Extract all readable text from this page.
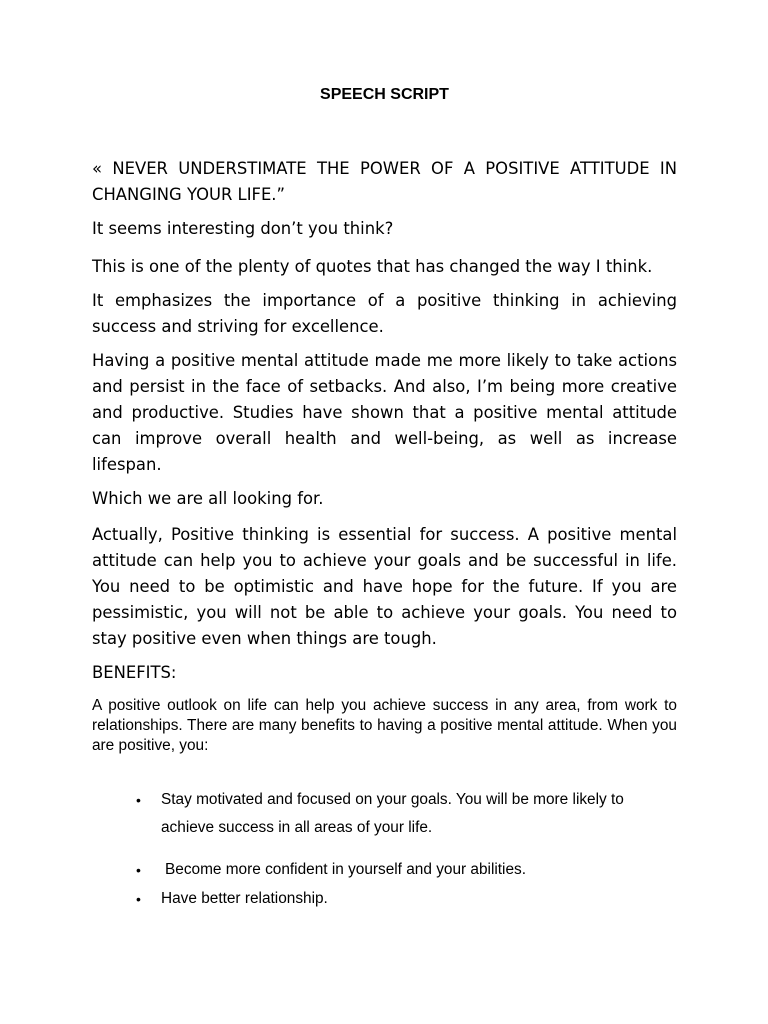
SPEECH SCRIPT
« NEVER UNDERSTIMATE THE POWER OF A POSITIVE ATTITUDE IN CHANGING YOUR LIFE.”
It seems interesting don’t you think?
This is one of the plenty of quotes that has changed the way I think.
It emphasizes the importance of a positive thinking in achieving success and striving for excellence.
Having a positive mental attitude made me more likely to take actions and persist in the face of setbacks. And also, I’m being more creative and productive. Studies have shown that a positive mental attitude can improve overall health and well-being, as well as increase lifespan.
Which we are all looking for.
Actually, Positive thinking is essential for success. A positive mental attitude can help you to achieve your goals and be successful in life. You need to be optimistic and have hope for the future. If you are pessimistic, you will not be able to achieve your goals. You need to stay positive even when things are tough.
BENEFITS:
A positive outlook on life can help you achieve success in any area, from work to relationships. There are many benefits to having a positive mental attitude. When you are positive, you:
• Stay motivated and focused on your goals. You will be more likely to achieve success in all areas of your life.
• Become more confident in yourself and your abilities.
• Have better relationship.
